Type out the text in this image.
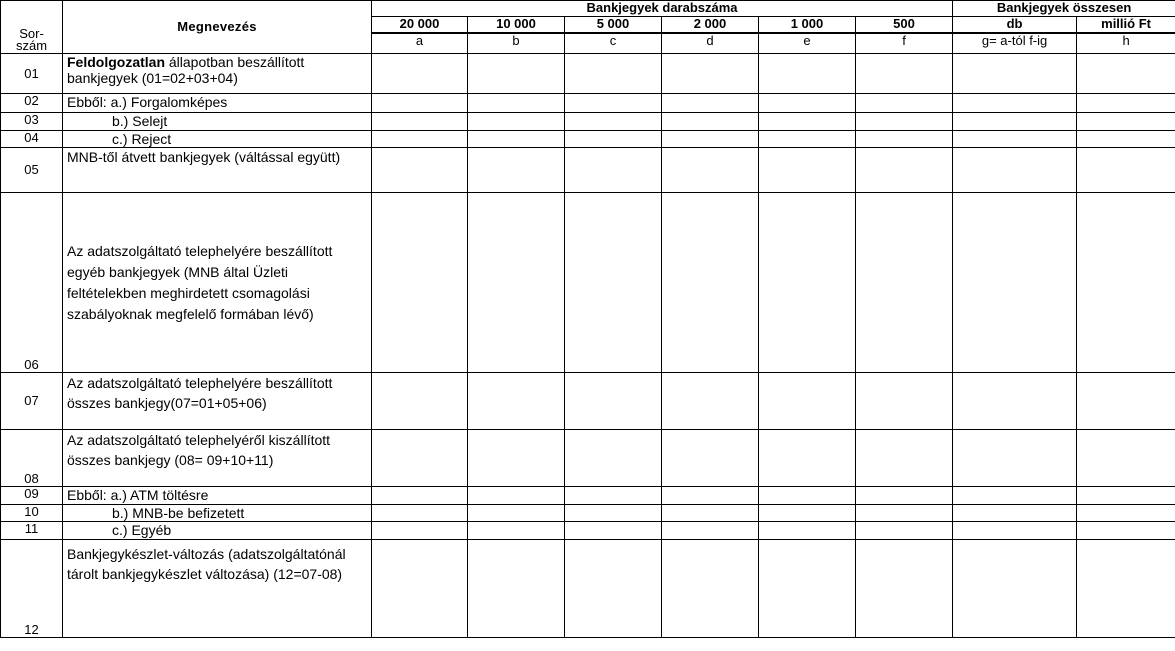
Sor-
szám	Megnevezés	Bankjegyek darabszáma						Bankjegyek összesen	
		20 000	10 000	5 000	2 000	1 000	500	db	millió Ft
		a	b	c	d	e	f	g= a-tól f-ig	h
01	Feldolgozatlan állapotban beszállított bankjegyek (01=02+03+04)								
02	Ebből: a.) Forgalomképes								
03	b.) Selejt								
04	c.) Reject								
05	MNB-től átvett bankjegyek (váltással együtt)								
06	Az adatszolgáltató telephelyére beszállított egyéb bankjegyek (MNB által Üzleti feltételekben meghirdetett csomagolási szabályoknak megfelelő formában lévő)								
07	Az adatszolgáltató telephelyére beszállított összes bankjegy(07=01+05+06)								
08	Az adatszolgáltató telephelyéről kiszállított összes bankjegy (08= 09+10+11)								
09	Ebből: a.) ATM töltésre								
10	b.) MNB-be befizetett								
11	c.) Egyéb								
12	Bankjegykészlet-változás (adatszolgáltatónál tárolt bankjegykészlet változása) (12=07-08)								
